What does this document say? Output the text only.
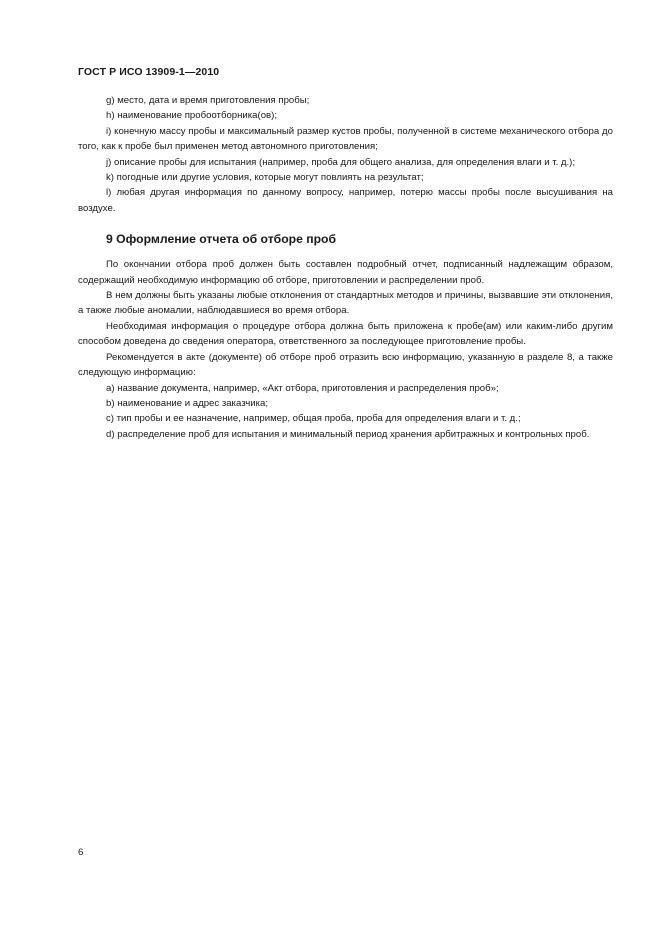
ГОСТ Р ИСО 13909-1—2010

g) место, дата и время приготовления пробы;

h) наименование пробоотборника(ов);

i) конечную массу пробы и максимальный размер кустов пробы, полученной в системе механического отбора до того, как к пробе был применен метод автономного приготовления;

j) описание пробы для испытания (например, проба для общего анализа, для определения влаги и т. д.);

k) погодные или другие условия, которые могут повлиять на результат;

l) любая другая информация по данному вопросу, например, потерю массы пробы после высушивания на воздухе.

9 Оформление отчета об отборе проб

По окончании отбора проб должен быть составлен подробный отчет, подписанный надлежащим образом, содержащий необходимую информацию об отборе, приготовлении и распределении проб.

В нем должны быть указаны любые отклонения от стандартных методов и причины, вызвавшие эти отклонения, а также любые аномалии, наблюдавшиеся во время отбора.

Необходимая информация о процедуре отбора должна быть приложена к пробе(ам) или каким-либо другим способом доведена до сведения оператора, ответственного за последующее приготовление пробы.

Рекомендуется в акте (документе) об отборе проб отразить всю информацию, указанную в разделе 8, а также следующую информацию:

a) название документа, например, «Акт отбора, приготовления и распределения проб»;

b) наименование и адрес заказчика;

c) тип пробы и ее назначение, например, общая проба, проба для определения влаги и т. д.;

d) распределение проб для испытания и минимальный период хранения арбитражных и контрольных проб.

6
